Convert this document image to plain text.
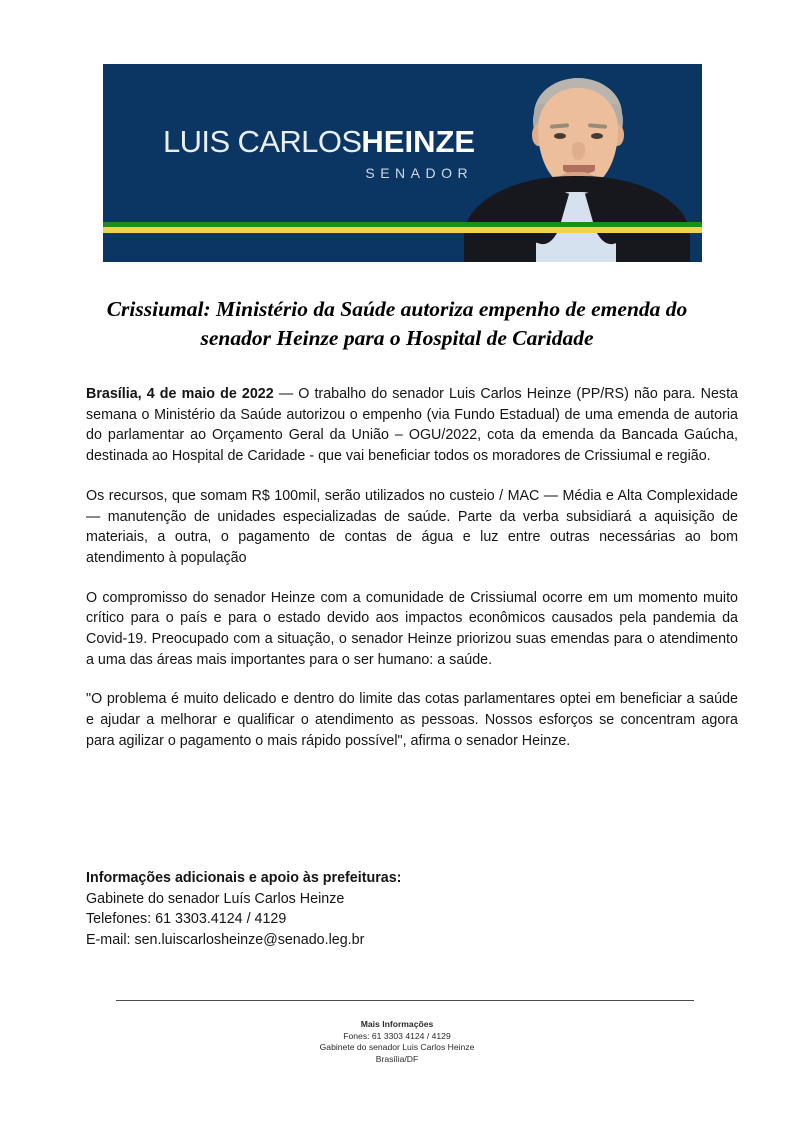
LUIS CARLOSHEINZE
SENADOR
Crissiumal: Ministério da Saúde autoriza empenho de emenda do senador Heinze para o Hospital de Caridade

Brasília, 4 de maio de 2022 — O trabalho do senador Luis Carlos Heinze (PP/RS) não para. Nesta semana o Ministério da Saúde autorizou o empenho (via Fundo Estadual) de uma emenda de autoria do parlamentar ao Orçamento Geral da União – OGU/2022, cota da emenda da Bancada Gaúcha, destinada ao Hospital de Caridade - que vai beneficiar todos os moradores de Crissiumal e região.

Os recursos, que somam R$ 100mil, serão utilizados no custeio / MAC — Média e Alta Complexidade — manutenção de unidades especializadas de saúde. Parte da verba subsidiará a aquisição de materiais, a outra, o pagamento de contas de água e luz entre outras necessárias ao bom atendimento à população

O compromisso do senador Heinze com a comunidade de Crissiumal ocorre em um momento muito crítico para o país e para o estado devido aos impactos econômicos causados pela pandemia da Covid-19. Preocupado com a situação, o senador Heinze priorizou suas emendas para o atendimento a uma das áreas mais importantes para o ser humano: a saúde.

"O problema é muito delicado e dentro do limite das cotas parlamentares optei em beneficiar a saúde e ajudar a melhorar e qualificar o atendimento as pessoas. Nossos esforços se concentram agora para agilizar o pagamento o mais rápido possível", afirma o senador Heinze.

Informações adicionais e apoio às prefeituras:
Gabinete do senador Luís Carlos Heinze
Telefones: 61 3303.4124 / 4129
E-mail: sen.luiscarlosheinze@senado.leg.br
Mais Informações
Fones: 61 3303 4124 / 4129
Gabinete do senador Luis Carlos Heinze
Brasília/DF
